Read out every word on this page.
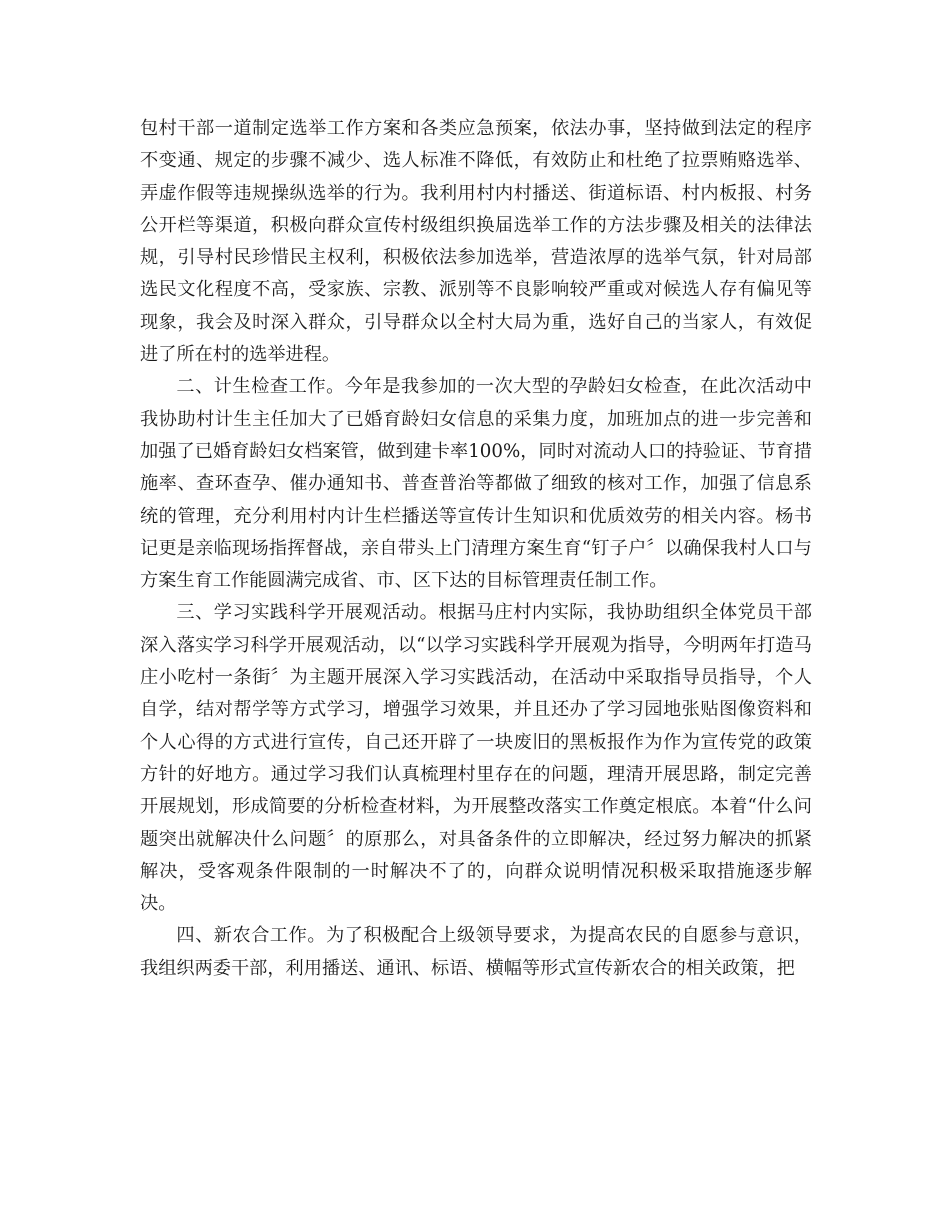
包村干部一道制定选举工作方案和各类应急预案，依法办事，坚持做到法定的程序不变通、规定的步骤不减少、选人标准不降低，有效防止和杜绝了拉票贿赂选举、弄虚作假等违规操纵选举的行为。我利用村内村播送、街道标语、村内板报、村务公开栏等渠道，积极向群众宣传村级组织换届选举工作的方法步骤及相关的法律法规，引导村民珍惜民主权利，积极依法参加选举，营造浓厚的选举气氛，针对局部选民文化程度不高，受家族、宗教、派别等不良影响较严重或对候选人存有偏见等现象，我会及时深入群众，引导群众以全村大局为重，选好自己的当家人，有效促进了所在村的选举进程。

二、计生检查工作。今年是我参加的一次大型的孕龄妇女检查，在此次活动中我协助村计生主任加大了已婚育龄妇女信息的采集力度，加班加点的进一步完善和加强了已婚育龄妇女档案管，做到建卡率100%，同时对流动人口的持验证、节育措施率、查环查孕、催办通知书、普查普治等都做了细致的核对工作，加强了信息系统的管理，充分利用村内计生栏播送等宣传计生知识和优质效劳的相关内容。杨书记更是亲临现场指挥督战，亲自带头上门清理方案生育“钉子户〞以确保我村人口与方案生育工作能圆满完成省、市、区下达的目标管理责任制工作。

三、学习实践科学开展观活动。根据马庄村内实际，我协助组织全体党员干部深入落实学习科学开展观活动，以“以学习实践科学开展观为指导，今明两年打造马庄小吃村一条街〞为主题开展深入学习实践活动，在活动中采取指导员指导，个人自学，结对帮学等方式学习，增强学习效果，并且还办了学习园地张贴图像资料和个人心得的方式进行宣传，自己还开辟了一块废旧的黑板报作为作为宣传党的政策方针的好地方。通过学习我们认真梳理村里存在的问题，理清开展思路，制定完善开展规划，形成简要的分析检查材料，为开展整改落实工作奠定根底。本着“什么问题突出就解决什么问题〞的原那么，对具备条件的立即解决，经过努力解决的抓紧解决，受客观条件限制的一时解决不了的，向群众说明情况积极采取措施逐步解决。

四、新农合工作。为了积极配合上级领导要求，为提高农民的自愿参与意识，我组织两委干部，利用播送、通讯、标语、横幅等形式宣传新农合的相关政策，把
